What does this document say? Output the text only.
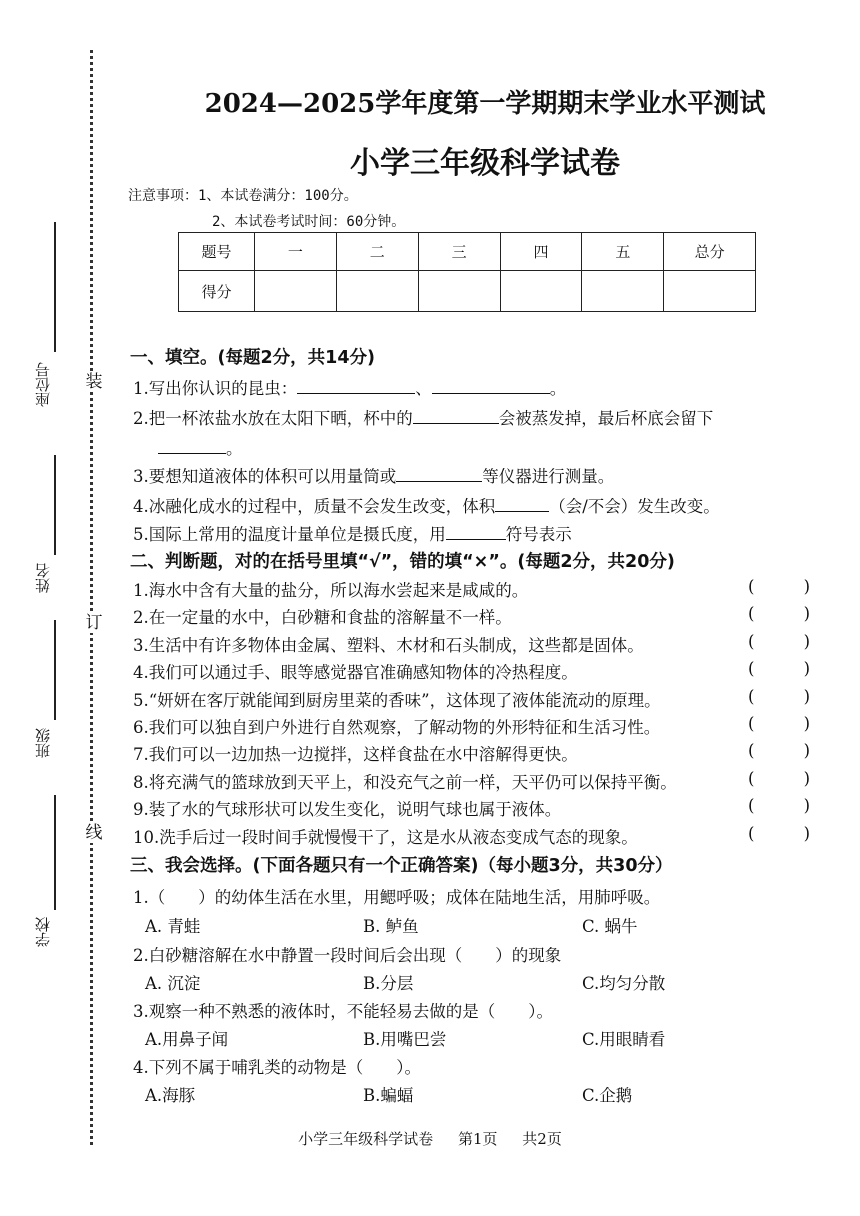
装
订
线
座位号
姓名
班级
学校
2024—2025学年度第一学期期末学业水平测试
小学三年级科学试卷
注意事项：1、本试卷满分：100分。
2、本试卷考试时间：60分钟。
题号	一	二	三	四	五	总分
得分						
一、填空。(每题2分，共14分)
1.写出你认识的昆虫：	、	。
2.把一杯浓盐水放在太阳下晒，杯中的	会被蒸发掉，最后杯底会留下
。
3.要想知道液体的体积可以用量筒或	等仪器进行测量。
4.冰融化成水的过程中，质量不会发生改变，体积	（会/不会）发生改变。
5.国际上常用的温度计量单位是摄氏度，用	符号表示
二、判断题，对的在括号里填“√”，错的填“×”。(每题2分，共20分)
1.海水中含有大量的盐分，所以海水尝起来是咸咸的。	(	)
2.在一定量的水中，白砂糖和食盐的溶解量不一样。	(	)
3.生活中有许多物体由金属、塑料、木材和石头制成，这些都是固体。	(	)
4.我们可以通过手、眼等感觉器官准确感知物体的冷热程度。	(	)
5.“妍妍在客厅就能闻到厨房里菜的香味”，这体现了液体能流动的原理。	(	)
6.我们可以独自到户外进行自然观察，了解动物的外形特征和生活习性。	(	)
7.我们可以一边加热一边搅拌，这样食盐在水中溶解得更快。	(	)
8.将充满气的篮球放到天平上，和没充气之前一样，天平仍可以保持平衡。	(	)
9.装了水的气球形状可以发生变化，说明气球也属于液体。	(	)
10.洗手后过一段时间手就慢慢干了，这是水从液态变成气态的现象。	(	)
三、我会选择。(下面各题只有一个正确答案)（每小题3分，共30分）
1.（　　）的幼体生活在水里，用鳃呼吸；成体在陆地生活，用肺呼吸。
A. 青蛙	B. 鲈鱼	C. 蜗牛
2.白砂糖溶解在水中静置一段时间后会出现（　　）的现象
A. 沉淀	B.分层	C.均匀分散
3.观察一种不熟悉的液体时，不能轻易去做的是（　　）。
A.用鼻子闻	B.用嘴巴尝	C.用眼睛看
4.下列不属于哺乳类的动物是（　　）。
A.海豚	B.蝙蝠	C.企鹅
小学三年级科学试卷 第1页 共2页
